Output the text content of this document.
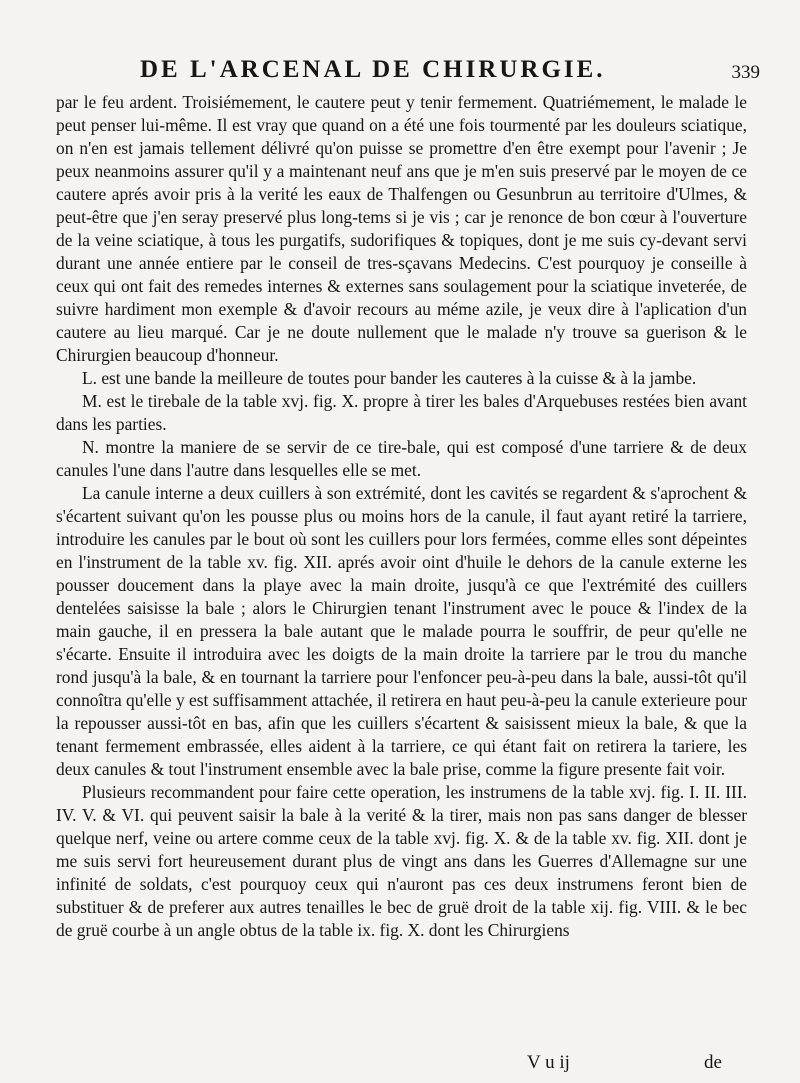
DE L'ARCENAL DE CHIRURGIE.	339

par le feu ardent. Troisiémement, le cautere peut y tenir fermement. Quatriémement, le malade le peut penser lui-même. Il est vray que quand on a été une fois tourmenté par les douleurs sciatique, on n'en est jamais tellement délivré qu'on puisse se promettre d'en être exempt pour l'avenir ; Je peux neanmoins assurer qu'il y a maintenant neuf ans que je m'en suis preservé par le moyen de ce cautere aprés avoir pris à la verité les eaux de Thalfengen ou Gesunbrun au territoire d'Ulmes, & peut-être que j'en seray preservé plus long-tems si je vis ; car je renonce de bon cœur à l'ouverture de la veine sciatique, à tous les purgatifs, sudorifiques & topiques, dont je me suis cy-devant servi durant une année entiere par le conseil de tres-sçavans Medecins. C'est pourquoy je conseille à ceux qui ont fait des remedes internes & externes sans soulagement pour la sciatique inveterée, de suivre hardiment mon exemple & d'avoir recours au méme azile, je veux dire à l'aplication d'un cautere au lieu marqué. Car je ne doute nullement que le malade n'y trouve sa guerison & le Chirurgien beaucoup d'honneur.

L. est une bande la meilleure de toutes pour bander les cauteres à la cuisse & à la jambe.

M. est le tirebale de la table xvj. fig. X. propre à tirer les bales d'Arquebuses restées bien avant dans les parties.

N. montre la maniere de se servir de ce tire-bale, qui est composé d'une tarriere & de deux canules l'une dans l'autre dans lesquelles elle se met.

La canule interne a deux cuillers à son extrémité, dont les cavités se regardent & s'aprochent & s'écartent suivant qu'on les pousse plus ou moins hors de la canule, il faut ayant retiré la tarriere, introduire les canules par le bout où sont les cuillers pour lors fermées, comme elles sont dépeintes en l'instrument de la table xv. fig. XII. aprés avoir oint d'huile le dehors de la canule externe les pousser doucement dans la playe avec la main droite, jusqu'à ce que l'extrémité des cuillers dentelées saisisse la bale ; alors le Chirurgien tenant l'instrument avec le pouce & l'index de la main gauche, il en pressera la bale autant que le malade pourra le souffrir, de peur qu'elle ne s'écarte. Ensuite il introduira avec les doigts de la main droite la tarriere par le trou du manche rond jusqu'à la bale, & en tournant la tarriere pour l'enfoncer peu-à-peu dans la bale, aussi-tôt qu'il connoîtra qu'elle y est suffisamment attachée, il retirera en haut peu-à-peu la canule exterieure pour la repousser aussi-tôt en bas, afin que les cuillers s'écartent & saisissent mieux la bale, & que la tenant fermement embrassée, elles aident à la tarriere, ce qui étant fait on retirera la tariere, les deux canules & tout l'instrument ensemble avec la bale prise, comme la figure presente fait voir.

Plusieurs recommandent pour faire cette operation, les instrumens de la table xvj. fig. I. II. III. IV. V. & VI. qui peuvent saisir la bale à la verité & la tirer, mais non pas sans danger de blesser quelque nerf, veine ou artere comme ceux de la table xvj. fig. X. & de la table xv. fig. XII. dont je me suis servi fort heureusement durant plus de vingt ans dans les Guerres d'Allemagne sur une infinité de soldats, c'est pourquoy ceux qui n'auront pas ces deux instrumens feront bien de substituer & de preferer aux autres tenailles le bec de gruë droit de la table xij. fig. VIII. & le bec de gruë courbe à un angle obtus de la table ix. fig. X. dont les Chirurgiens

V u ij	de
